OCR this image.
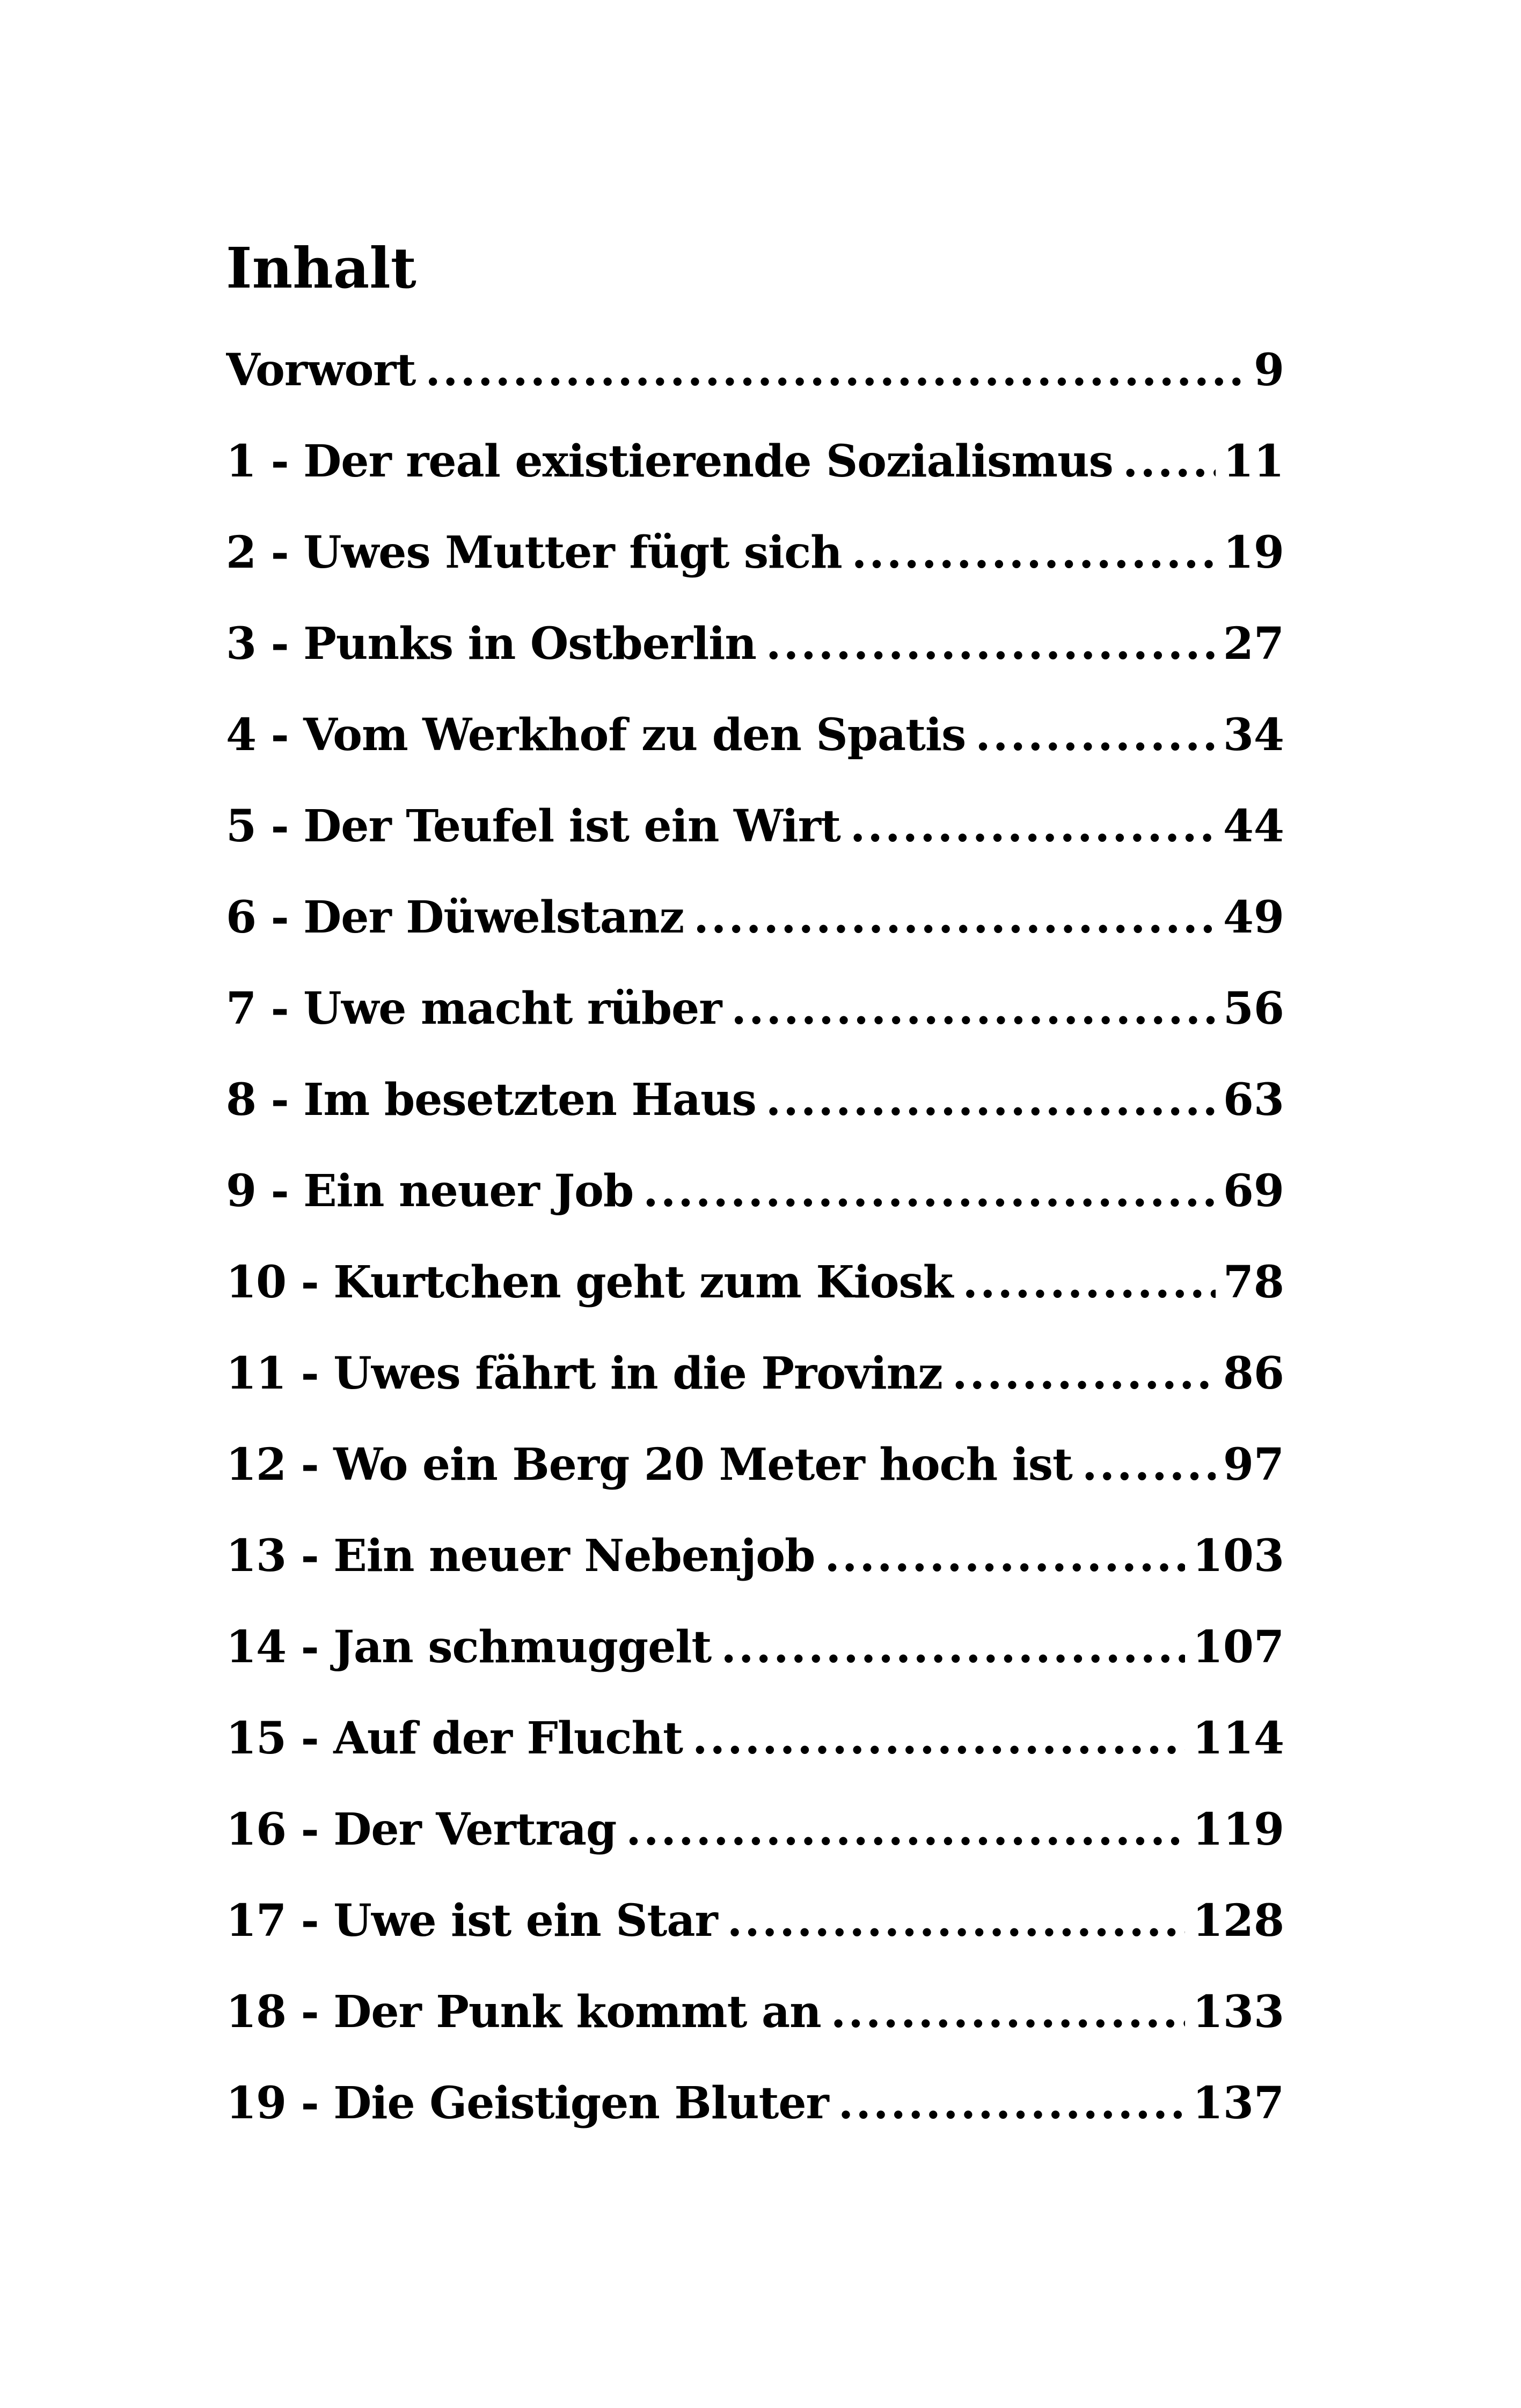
Inhalt
Vorwort .....	9
1 - Der real existierende Sozialismus .....	11
2 - Uwes Mutter fügt sich .....	19
3 - Punks in Ostberlin .....	27
4 - Vom Werkhof zu den Spatis .....	34
5 - Der Teufel ist ein Wirt .....	44
6 - Der Düwelstanz .....	49
7 - Uwe macht rüber .....	56
8 - Im besetzten Haus .....	63
9 - Ein neuer Job .....	69
10 - Kurtchen geht zum Kiosk .....	78
11 - Uwes fährt in die Provinz .....	86
12 - Wo ein Berg 20 Meter hoch ist .....	97
13 - Ein neuer Nebenjob .....	103
14 - Jan schmuggelt .....	107
15 - Auf der Flucht .....	114
16 - Der Vertrag .....	119
17 - Uwe ist ein Star .....	128
18 - Der Punk kommt an .....	133
19 - Die Geistigen Bluter .....	137
